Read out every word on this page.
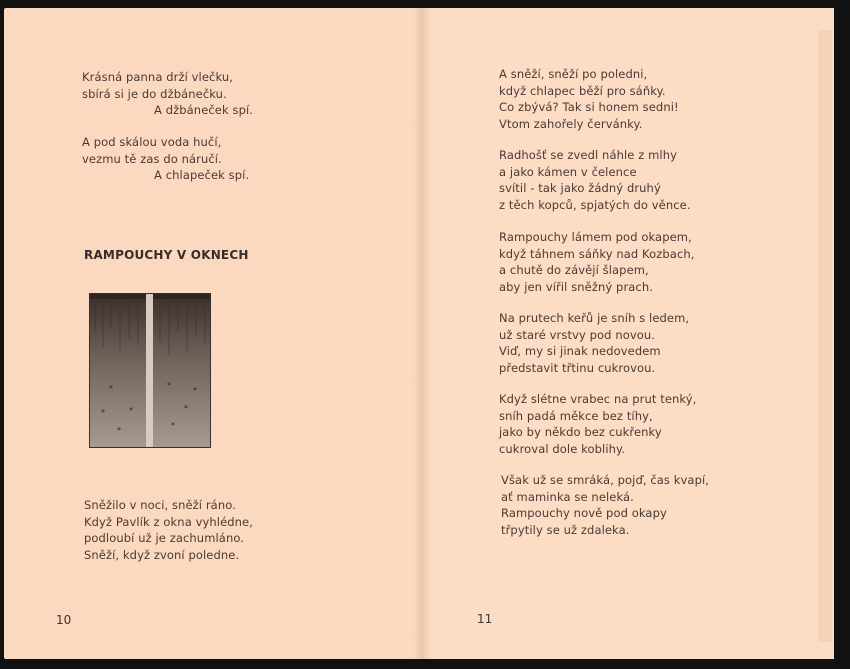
Krásná panna drží vlečku,
sbírá si je do džbánečku.
A džbáneček spí.
A pod skálou voda hučí,
vezmu tě zas do náručí.
A chlapeček spí.
RAMPOUCHY V OKNECH
*
*
*
*
*
*
*
*
Sněžilo v noci, sněží ráno.
Když Pavlík z okna vyhlédne,
podloubí už je zachumláno.
Sněží, když zvoní poledne.
10
A sněží, sněží po poledni,
když chlapec běží pro sáňky.
Co zbývá? Tak si honem sedni!
Vtom zahořely červánky.
Radhošť se zvedl náhle z mlhy
a jako kámen v čelence
svítil - tak jako žádný druhý
z těch kopců, spjatých do věnce.
Rampouchy lámem pod okapem,
když táhnem sáňky nad Kozbach,
a chutě do závějí šlapem,
aby jen vířil sněžný prach.
Na prutech keřů je sníh s ledem,
už staré vrstvy pod novou.
Viď, my si jinak nedovedem
představit třtinu cukrovou.
Když slétne vrabec na prut tenký,
sníh padá měkce bez tíhy,
jako by někdo bez cukřenky
cukroval dole koblihy.
Však už se smráká, pojď, čas kvapí,
ať maminka se neleká.
Rampouchy nově pod okapy
třpytily se už zdaleka.
11
